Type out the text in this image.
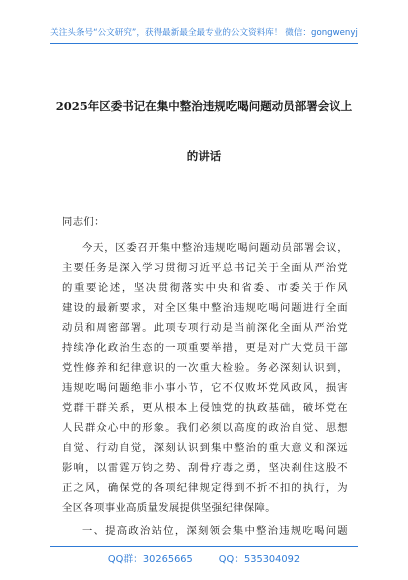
关注头条号“公文研究”，获得最新最全最专业的公文资料库！ 微信：gongwenyj
2025年区委书记在集中整治违规吃喝问题动员部署会议上
的讲话
同志们：
今天，区委召开集中整治违规吃喝问题动员部署会议，
主要任务是深入学习贯彻习近平总书记关于全面从严治党
的重要论述，坚决贯彻落实中央和省委、市委关于作风
建设的最新要求，对全区集中整治违规吃喝问题进行全面
动员和周密部署。此项专项行动是当前深化全面从严治党
持续净化政治生态的一项重要举措，更是对广大党员干部
党性修养和纪律意识的一次重大检验。务必深刻认识到，
违规吃喝问题绝非小事小节，它不仅败坏党风政风，损害
党群干群关系，更从根本上侵蚀党的执政基础，破坏党在
人民群众心中的形象。我们必须以高度的政治自觉、思想
自觉、行动自觉，深刻认识到集中整治的重大意义和深远
影响，以雷霆万钧之势、刮骨疗毒之勇，坚决刹住这股不
正之风，确保党的各项纪律规定得到不折不扣的执行，为
全区各项事业高质量发展提供坚强纪律保障。
一、提高政治站位，深刻领会集中整治违规吃喝问题
QQ群：30265665	QQ：535304092
